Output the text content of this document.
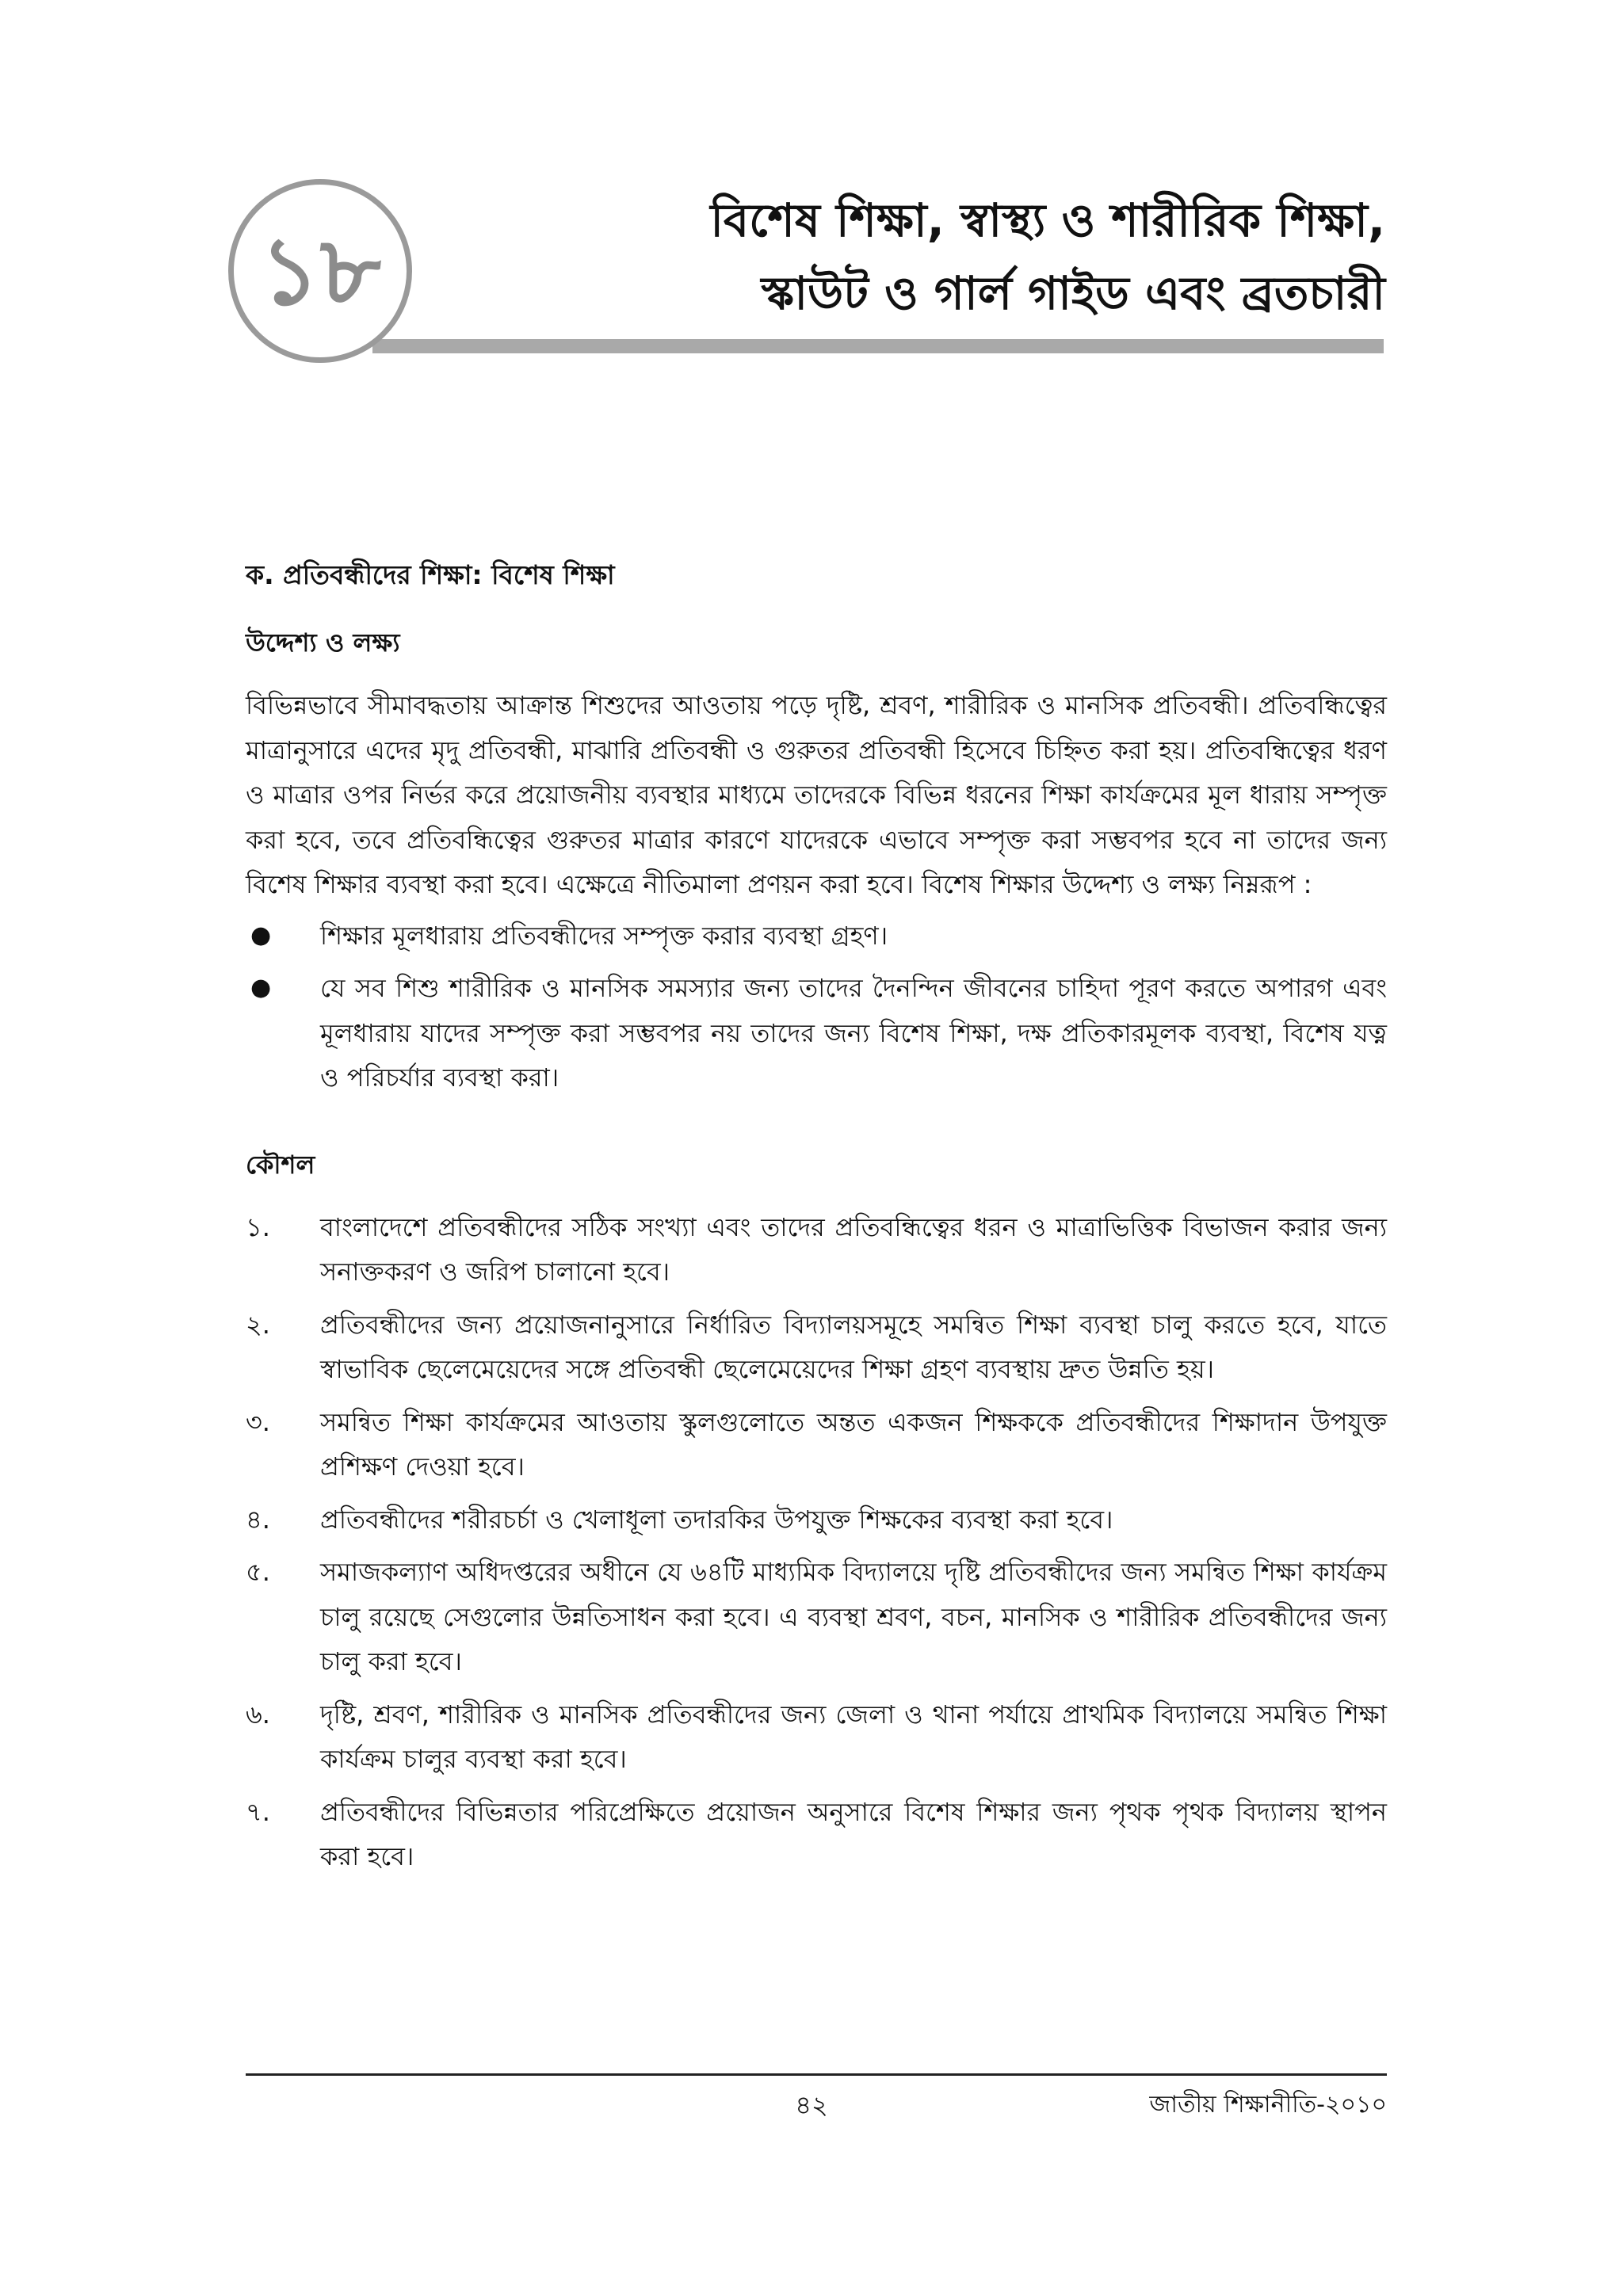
১৮	বিশেষ শিক্ষা, স্বাস্থ্য ও শারীরিক শিক্ষা,
স্কাউট ও গার্ল গাইড এবং ব্রতচারী
ক. প্রতিবন্ধীদের শিক্ষা: বিশেষ শিক্ষা
উদ্দেশ্য ও লক্ষ্য

বিভিন্নভাবে সীমাবদ্ধতায় আক্রান্ত শিশুদের আওতায় পড়ে দৃষ্টি, শ্রবণ, শারীরিক ও মানসিক প্রতিবন্ধী। প্রতিবন্ধিত্বের মাত্রানুসারে এদের মৃদু প্রতিবন্ধী, মাঝারি প্রতিবন্ধী ও গুরুতর প্রতিবন্ধী হিসেবে চিহ্নিত করা হয়। প্রতিবন্ধিত্বের ধরণ ও মাত্রার ওপর নির্ভর করে প্রয়োজনীয় ব্যবস্থার মাধ্যমে তাদেরকে বিভিন্ন ধরনের শিক্ষা কার্যক্রমের মূল ধারায় সম্পৃক্ত করা হবে, তবে প্রতিবন্ধিত্বের গুরুতর মাত্রার কারণে যাদেরকে এভাবে সম্পৃক্ত করা সম্ভবপর হবে না তাদের জন্য বিশেষ শিক্ষার ব্যবস্থা করা হবে। এক্ষেত্রে নীতিমালা প্রণয়ন করা হবে। বিশেষ শিক্ষার উদ্দেশ্য ও লক্ষ্য নিম্নরূপ :

● শিক্ষার মূলধারায় প্রতিবন্ধীদের সম্পৃক্ত করার ব্যবস্থা গ্রহণ।
● যে সব শিশু শারীরিক ও মানসিক সমস্যার জন্য তাদের দৈনন্দিন জীবনের চাহিদা পূরণ করতে অপারগ এবং মূলধারায় যাদের সম্পৃক্ত করা সম্ভবপর নয় তাদের জন্য বিশেষ শিক্ষা, দক্ষ প্রতিকারমূলক ব্যবস্থা, বিশেষ যত্ন ও পরিচর্যার ব্যবস্থা করা।
কৌশল
১. বাংলাদেশে প্রতিবন্ধীদের সঠিক সংখ্যা এবং তাদের প্রতিবন্ধিত্বের ধরন ও মাত্রাভিত্তিক বিভাজন করার জন্য সনাক্তকরণ ও জরিপ চালানো হবে।
২. প্রতিবন্ধীদের জন্য প্রয়োজনানুসারে নির্ধারিত বিদ্যালয়সমূহে সমন্বিত শিক্ষা ব্যবস্থা চালু করতে হবে, যাতে স্বাভাবিক ছেলেমেয়েদের সঙ্গে প্রতিবন্ধী ছেলেমেয়েদের শিক্ষা গ্রহণ ব্যবস্থায় দ্রুত উন্নতি হয়।
৩. সমন্বিত শিক্ষা কার্যক্রমের আওতায় স্কুলগুলোতে অন্তত একজন শিক্ষককে প্রতিবন্ধীদের শিক্ষাদান উপযুক্ত প্রশিক্ষণ দেওয়া হবে।
৪. প্রতিবন্ধীদের শরীরচর্চা ও খেলাধূলা তদারকির উপযুক্ত শিক্ষকের ব্যবস্থা করা হবে।
৫. সমাজকল্যাণ অধিদপ্তরের অধীনে যে ৬৪টি মাধ্যমিক বিদ্যালয়ে দৃষ্টি প্রতিবন্ধীদের জন্য সমন্বিত শিক্ষা কার্যক্রম চালু রয়েছে সেগুলোর উন্নতিসাধন করা হবে। এ ব্যবস্থা শ্রবণ, বচন, মানসিক ও শারীরিক প্রতিবন্ধীদের জন্য চালু করা হবে।
৬. দৃষ্টি, শ্রবণ, শারীরিক ও মানসিক প্রতিবন্ধীদের জন্য জেলা ও থানা পর্যায়ে প্রাথমিক বিদ্যালয়ে সমন্বিত শিক্ষা কার্যক্রম চালুর ব্যবস্থা করা হবে।
৭. প্রতিবন্ধীদের বিভিন্নতার পরিপ্রেক্ষিতে প্রয়োজন অনুসারে বিশেষ শিক্ষার জন্য পৃথক পৃথক বিদ্যালয় স্থাপন করা হবে।
৪২	জাতীয় শিক্ষানীতি-২০১০
